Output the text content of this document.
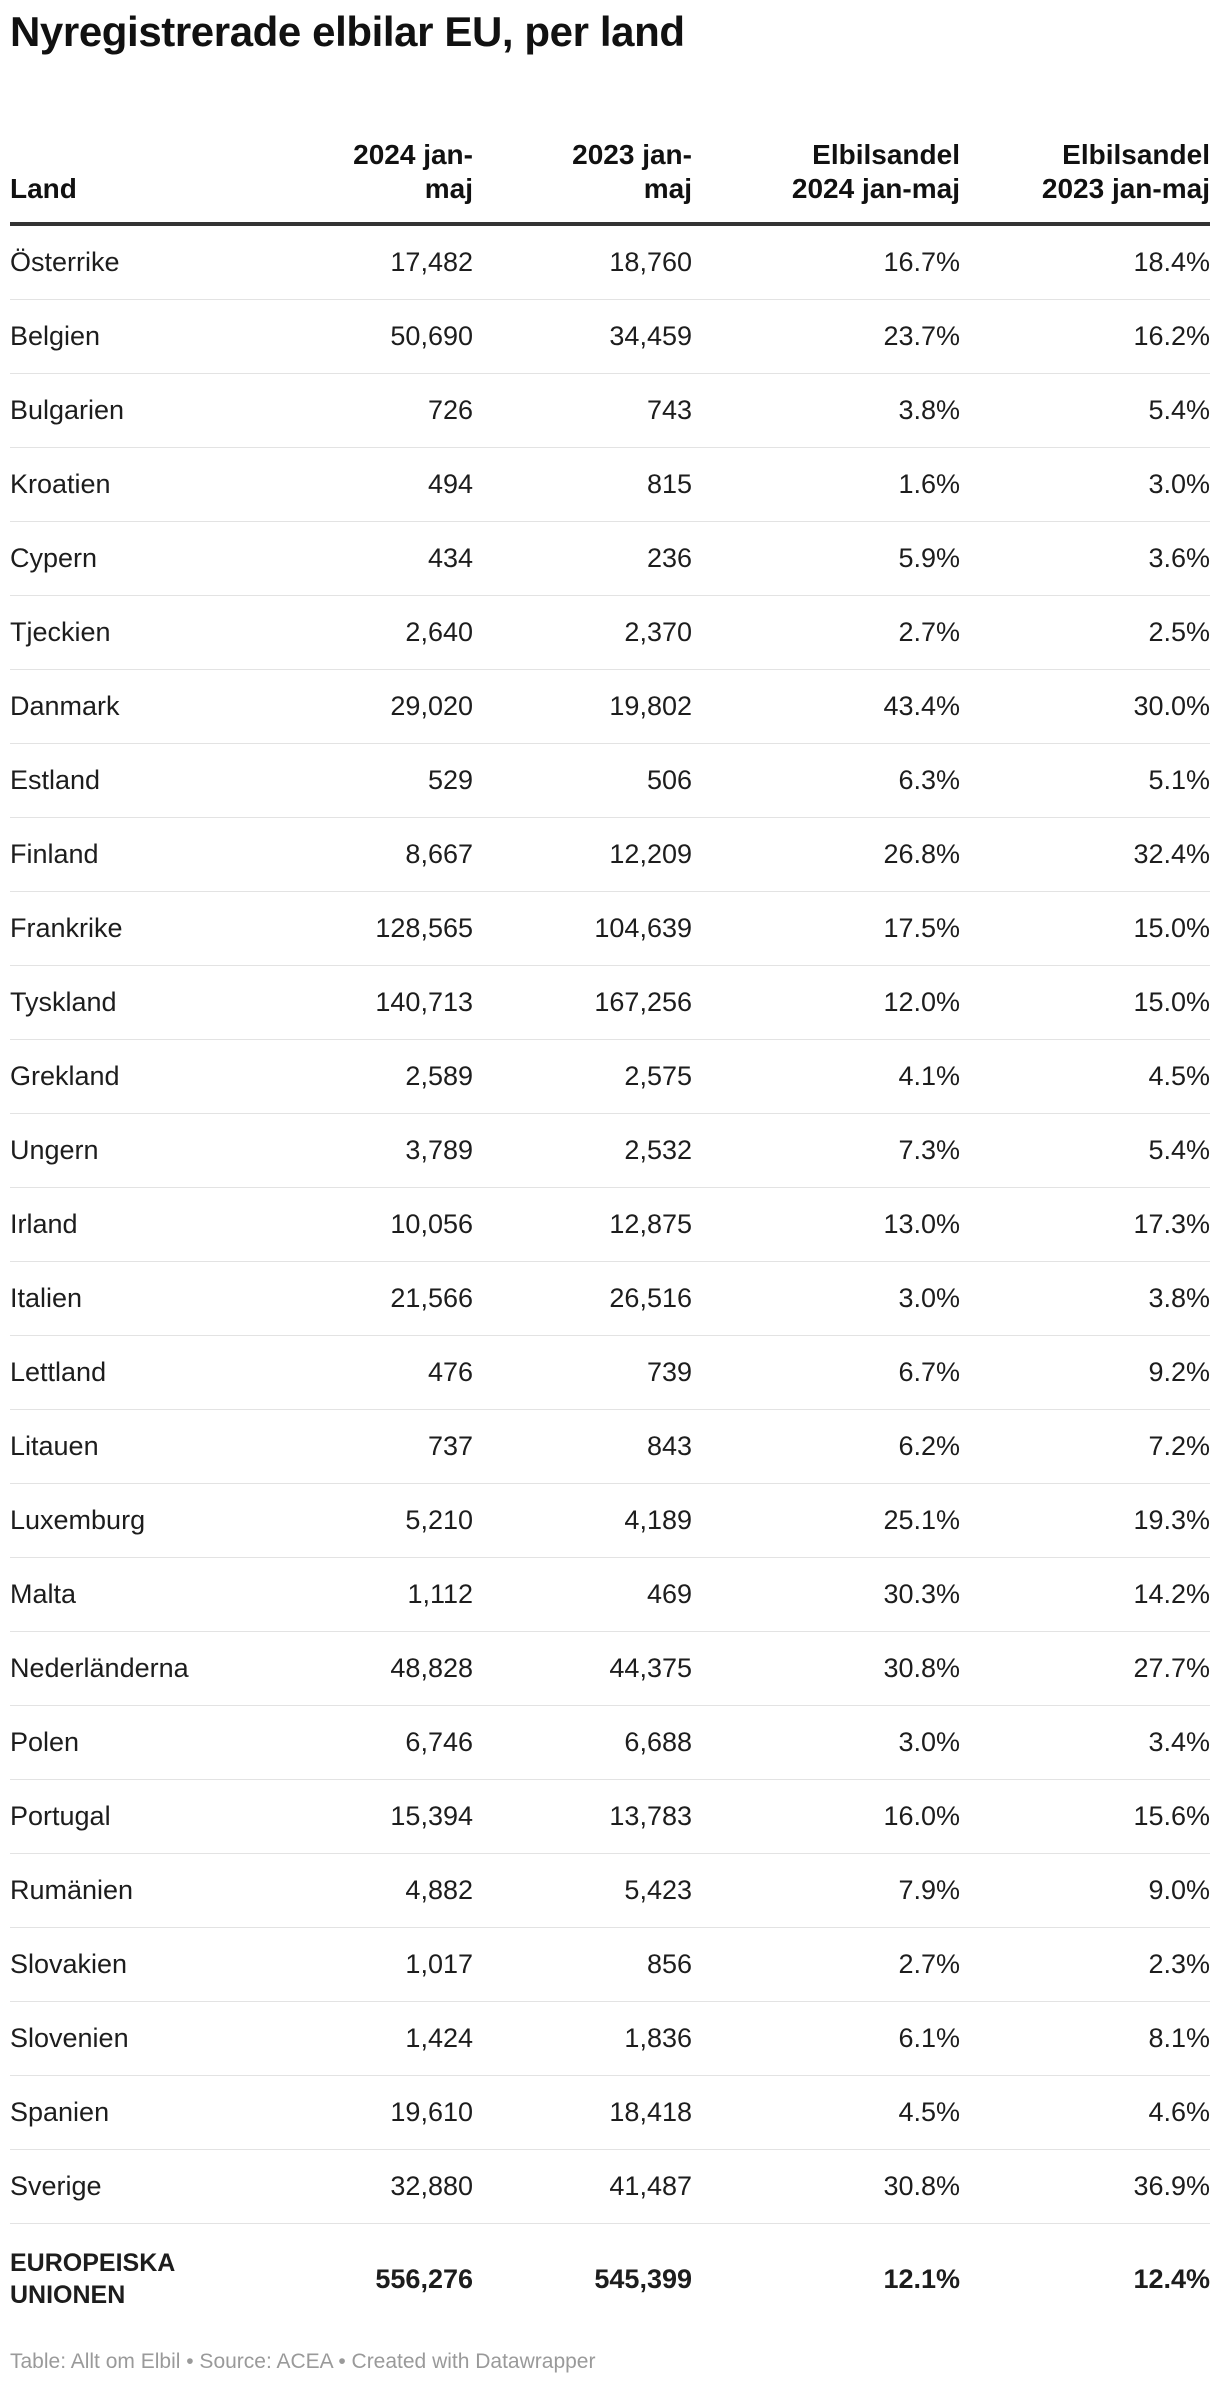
Nyregistrerade elbilar EU, per land
Land	2024 jan-maj	2023 jan-maj	Elbilsandel 2024 jan-maj	Elbilsandel 2023 jan-maj

Österrike	17,482	18,760	16.7%	18.4%
Belgien	50,690	34,459	23.7%	16.2%
Bulgarien	726	743	3.8%	5.4%
Kroatien	494	815	1.6%	3.0%
Cypern	434	236	5.9%	3.6%
Tjeckien	2,640	2,370	2.7%	2.5%
Danmark	29,020	19,802	43.4%	30.0%
Estland	529	506	6.3%	5.1%
Finland	8,667	12,209	26.8%	32.4%
Frankrike	128,565	104,639	17.5%	15.0%
Tyskland	140,713	167,256	12.0%	15.0%
Grekland	2,589	2,575	4.1%	4.5%
Ungern	3,789	2,532	7.3%	5.4%
Irland	10,056	12,875	13.0%	17.3%
Italien	21,566	26,516	3.0%	3.8%
Lettland	476	739	6.7%	9.2%
Litauen	737	843	6.2%	7.2%
Luxemburg	5,210	4,189	25.1%	19.3%
Malta	1,112	469	30.3%	14.2%
Nederländerna	48,828	44,375	30.8%	27.7%
Polen	6,746	6,688	3.0%	3.4%
Portugal	15,394	13,783	16.0%	15.6%
Rumänien	4,882	5,423	7.9%	9.0%
Slovakien	1,017	856	2.7%	2.3%
Slovenien	1,424	1,836	6.1%	8.1%
Spanien	19,610	18,418	4.5%	4.6%
Sverige	32,880	41,487	30.8%	36.9%
EUROPEISKA UNIONEN	556,276	545,399	12.1%	12.4%
Table: Allt om Elbil • Source: ACEA • Created with Datawrapper
